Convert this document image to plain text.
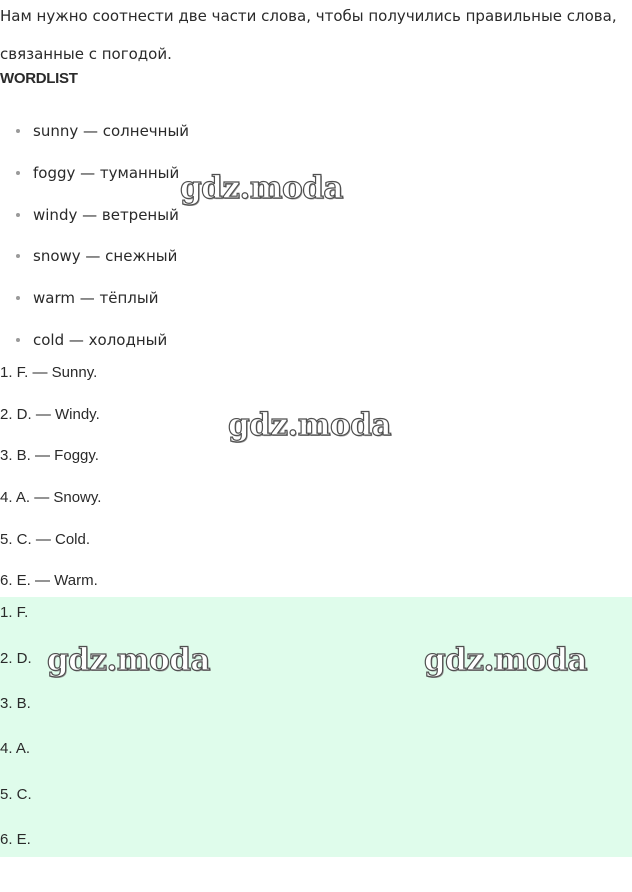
Нам нужно соотнести две части слова, чтобы получились правильные слова,
связанные с погодой.
WORDLIST
sunny — солнечный
foggy — туманный
windy — ветреный
snowy — снежный
warm — тёплый
cold — холодный
1. F. — Sunny.
2. D. — Windy.
3. B. — Foggy.
4. A. — Snowy.
5. C. — Cold.
6. E. — Warm.
1. F.
2. D.
3. B.
4. A.
5. C.
6. E.
gdz.moda
gdz.moda
gdz.moda	gdz.moda
